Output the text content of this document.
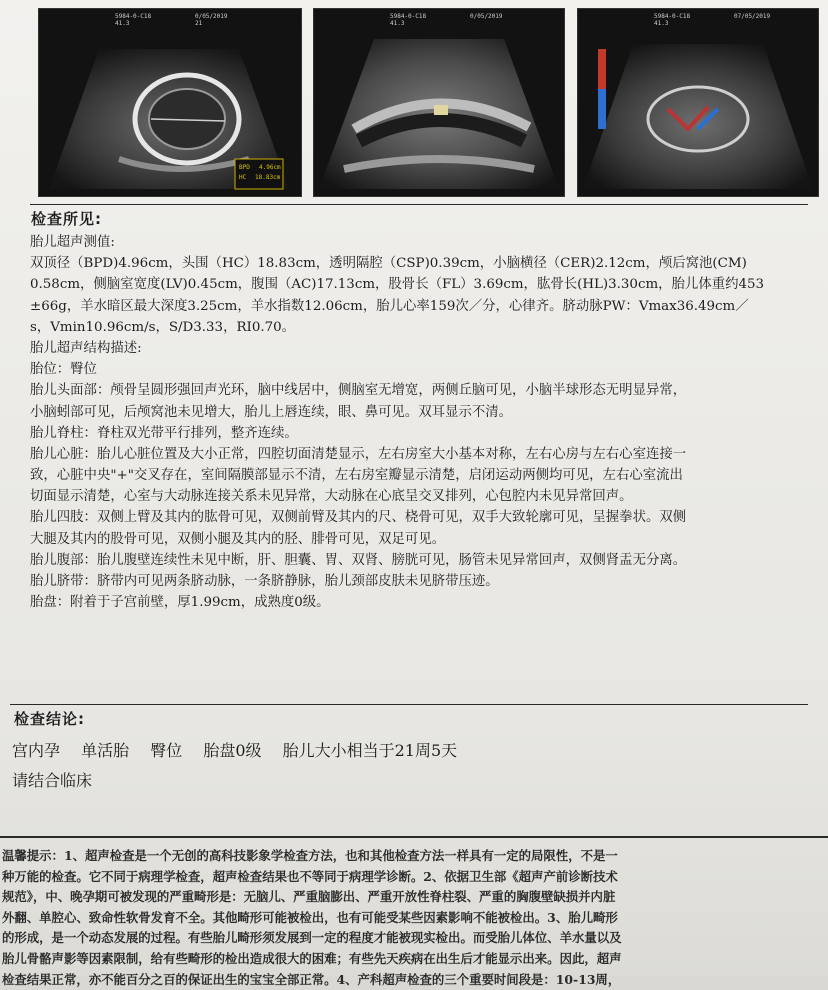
BPD 4.96cm
HC 18.83cm
5984-0-C18	0/05/2019
41.3	21
5984-0-C18	0/05/2019
41.3
5984-0-C18	07/05/2019
41.3
检查所见:
胎儿超声测值:
双顶径（BPD)4.96cm，头围（HC）18.83cm，透明隔腔（CSP)0.39cm，小脑横径（CER)2.12cm，颅后窝池(CM)
0.58cm，侧脑室宽度(LV)0.45cm，腹围（AC)17.13cm，股骨长（FL）3.69cm，肱骨长(HL)3.30cm，胎儿体重约453
±66g，羊水暗区最大深度3.25cm，羊水指数12.06cm，胎儿心率159次／分，心律齐。脐动脉PW：Vmax36.49cm／
s，Vmin10.96cm/s，S/D3.33，RI0.70。
胎儿超声结构描述:
胎位：臀位
胎儿头面部：颅骨呈圆形强回声光环，脑中线居中，侧脑室无增宽，两侧丘脑可见，小脑半球形态无明显异常，
小脑蚓部可见，后颅窝池未见增大，胎儿上唇连续，眼、鼻可见。双耳显示不清。
胎儿脊柱：脊柱双光带平行排列，整齐连续。
胎儿心脏：胎儿心脏位置及大小正常，四腔切面清楚显示，左右房室大小基本对称，左右心房与左右心室连接一
致，心脏中央"+"交叉存在，室间隔膜部显示不清，左右房室瓣显示清楚，启闭运动两侧均可见，左右心室流出
切面显示清楚，心室与大动脉连接关系未见异常，大动脉在心底呈交叉排列，心包腔内未见异常回声。
胎儿四肢：双侧上臂及其内的肱骨可见，双侧前臂及其内的尺、桡骨可见，双手大致轮廓可见，呈握拳状。双侧
大腿及其内的股骨可见，双侧小腿及其内的胫、腓骨可见，双足可见。
胎儿腹部：胎儿腹壁连续性未见中断，肝、胆囊、胃、双肾、膀胱可见，肠管未见异常回声，双侧肾盂无分离。
胎儿脐带：脐带内可见两条脐动脉，一条脐静脉，胎儿颈部皮肤未见脐带压迹。
胎盘：附着于子宫前壁，厚1.99cm，成熟度0级。
检查结论:
宫内孕 单活胎 臀位 胎盘0级 胎儿大小相当于21周5天
请结合临床
温馨提示：1、超声检查是一个无创的高科技影象学检查方法，也和其他检查方法一样具有一定的局限性，不是一
种万能的检查。它不同于病理学检查，超声检查结果也不等同于病理学诊断。2、依据卫生部《超声产前诊断技术
规范》，中、晚孕期可被发现的严重畸形是：无脑儿、严重脑膨出、严重开放性脊柱裂、严重的胸腹壁缺损并内脏
外翻、单腔心、致命性软骨发育不全。其他畸形可能被检出，也有可能受某些因素影响不能被检出。3、胎儿畸形
的形成，是一个动态发展的过程。有些胎儿畸形须发展到一定的程度才能被现实检出。而受胎儿体位、羊水量以及
胎儿骨骼声影等因素限制，给有些畸形的检出造成很大的困难；有些先天疾病在出生后才能显示出来。因此，超声
检查结果正常，亦不能百分之百的保证出生的宝宝全部正常。4、产科超声检查的三个重要时间段是：10-13周，
